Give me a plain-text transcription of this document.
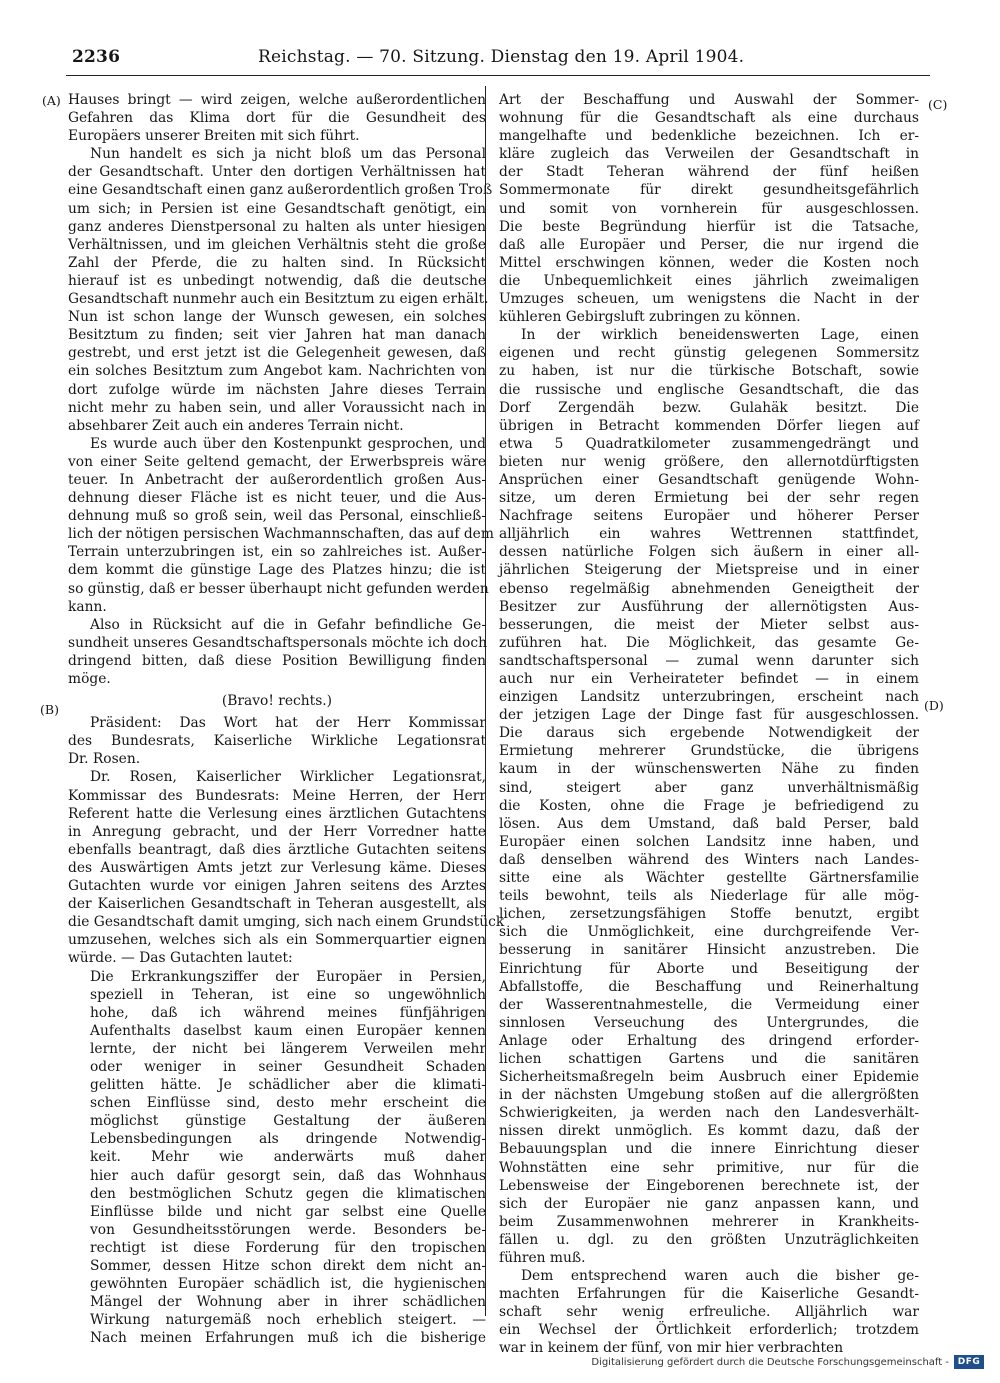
2236	Reichstag. — 70. Sitzung. Dienstag den 19. April 1904.
(A)
(B)
(C)
(D)
Hauses bringt — wird zeigen, welche außerordentlichen
Gefahren das Klima dort für die Gesundheit des
Europäers unserer Breiten mit sich führt.
Nun handelt es sich ja nicht bloß um das Personal
der Gesandtschaft. Unter den dortigen Verhältnissen hat
eine Gesandtschaft einen ganz außerordentlich großen Troß
um sich; in Persien ist eine Gesandtschaft genötigt, ein
ganz anderes Dienstpersonal zu halten als unter hiesigen
Verhältnissen, und im gleichen Verhältnis steht die große
Zahl der Pferde, die zu halten sind. In Rücksicht
hierauf ist es unbedingt notwendig, daß die deutsche
Gesandtschaft nunmehr auch ein Besitztum zu eigen erhält.
Nun ist schon lange der Wunsch gewesen, ein solches
Besitztum zu finden; seit vier Jahren hat man danach
gestrebt, und erst jetzt ist die Gelegenheit gewesen, daß
ein solches Besitztum zum Angebot kam. Nachrichten von
dort zufolge würde im nächsten Jahre dieses Terrain
nicht mehr zu haben sein, und aller Voraussicht nach in
absehbarer Zeit auch ein anderes Terrain nicht.
Es wurde auch über den Kostenpunkt gesprochen, und
von einer Seite geltend gemacht, der Erwerbspreis wäre
teuer. In Anbetracht der außerordentlich großen Aus-
dehnung dieser Fläche ist es nicht teuer, und die Aus-
dehnung muß so groß sein, weil das Personal, einschließ-
lich der nötigen persischen Wachmannschaften, das auf dem
Terrain unterzubringen ist, ein so zahlreiches ist. Außer-
dem kommt die günstige Lage des Platzes hinzu; die ist
so günstig, daß er besser überhaupt nicht gefunden werden
kann.
Also in Rücksicht auf die in Gefahr befindliche Ge-
sundheit unseres Gesandtschaftspersonals möchte ich doch
dringend bitten, daß diese Position Bewilligung finden
möge.
(Bravo! rechts.)
Präsident: Das Wort hat der Herr Kommissar
des Bundesrats, Kaiserliche Wirkliche Legationsrat
Dr. Rosen.
Dr. Rosen, Kaiserlicher Wirklicher Legationsrat,
Kommissar des Bundesrats: Meine Herren, der Herr
Referent hatte die Verlesung eines ärztlichen Gutachtens
in Anregung gebracht, und der Herr Vorredner hatte
ebenfalls beantragt, daß dies ärztliche Gutachten seitens
des Auswärtigen Amts jetzt zur Verlesung käme. Dieses
Gutachten wurde vor einigen Jahren seitens des Arztes
der Kaiserlichen Gesandtschaft in Teheran ausgestellt, als
die Gesandtschaft damit umging, sich nach einem Grundstück
umzusehen, welches sich als ein Sommerquartier eignen
würde. — Das Gutachten lautet:
Die Erkrankungsziffer der Europäer in Persien,
speziell in Teheran, ist eine so ungewöhnlich
hohe, daß ich während meines fünfjährigen
Aufenthalts daselbst kaum einen Europäer kennen
lernte, der nicht bei längerem Verweilen mehr
oder weniger in seiner Gesundheit Schaden
gelitten hätte. Je schädlicher aber die klimati-
schen Einflüsse sind, desto mehr erscheint die
möglichst günstige Gestaltung der äußeren
Lebensbedingungen als dringende Notwendig-
keit. Mehr wie anderwärts muß daher
hier auch dafür gesorgt sein, daß das Wohnhaus
den bestmöglichen Schutz gegen die klimatischen
Einflüsse bilde und nicht gar selbst eine Quelle
von Gesundheitsstörungen werde. Besonders be-
rechtigt ist diese Forderung für den tropischen
Sommer, dessen Hitze schon direkt dem nicht an-
gewöhnten Europäer schädlich ist, die hygienischen
Mängel der Wohnung aber in ihrer schädlichen
Wirkung naturgemäß noch erheblich steigert. —
Nach meinen Erfahrungen muß ich die bisherige
Art der Beschaffung und Auswahl der Sommer-
wohnung für die Gesandtschaft als eine durchaus
mangelhafte und bedenkliche bezeichnen. Ich er-
kläre zugleich das Verweilen der Gesandtschaft in
der Stadt Teheran während der fünf heißen
Sommermonate für direkt gesundheitsgefährlich
und somit von vornherein für ausgeschlossen.
Die beste Begründung hierfür ist die Tatsache,
daß alle Europäer und Perser, die nur irgend die
Mittel erschwingen können, weder die Kosten noch
die Unbequemlichkeit eines jährlich zweimaligen
Umzuges scheuen, um wenigstens die Nacht in der
kühleren Gebirgsluft zubringen zu können.
In der wirklich beneidenswerten Lage, einen
eigenen und recht günstig gelegenen Sommersitz
zu haben, ist nur die türkische Botschaft, sowie
die russische und englische Gesandtschaft, die das
Dorf Zergendäh bezw. Gulahäk besitzt. Die
übrigen in Betracht kommenden Dörfer liegen auf
etwa 5 Quadratkilometer zusammengedrängt und
bieten nur wenig größere, den allernotdürftigsten
Ansprüchen einer Gesandtschaft genügende Wohn-
sitze, um deren Ermietung bei der sehr regen
Nachfrage seitens Europäer und höherer Perser
alljährlich ein wahres Wettrennen stattfindet,
dessen natürliche Folgen sich äußern in einer all-
jährlichen Steigerung der Mietspreise und in einer
ebenso regelmäßig abnehmenden Geneigtheit der
Besitzer zur Ausführung der allernötigsten Aus-
besserungen, die meist der Mieter selbst aus-
zuführen hat. Die Möglichkeit, das gesamte Ge-
sandtschaftspersonal — zumal wenn darunter sich
auch nur ein Verheirateter befindet — in einem
einzigen Landsitz unterzubringen, erscheint nach
der jetzigen Lage der Dinge fast für ausgeschlossen.
Die daraus sich ergebende Notwendigkeit der
Ermietung mehrerer Grundstücke, die übrigens
kaum in der wünschenswerten Nähe zu finden
sind, steigert aber ganz unverhältnismäßig
die Kosten, ohne die Frage je befriedigend zu
lösen. Aus dem Umstand, daß bald Perser, bald
Europäer einen solchen Landsitz inne haben, und
daß denselben während des Winters nach Landes-
sitte eine als Wächter gestellte Gärtnersfamilie
teils bewohnt, teils als Niederlage für alle mög-
lichen, zersetzungsfähigen Stoffe benutzt, ergibt
sich die Unmöglichkeit, eine durchgreifende Ver-
besserung in sanitärer Hinsicht anzustreben. Die
Einrichtung für Aborte und Beseitigung der
Abfallstoffe, die Beschaffung und Reinerhaltung
der Wasserentnahmestelle, die Vermeidung einer
sinnlosen Verseuchung des Untergrundes, die
Anlage oder Erhaltung des dringend erforder-
lichen schattigen Gartens und die sanitären
Sicherheitsmaßregeln beim Ausbruch einer Epidemie
in der nächsten Umgebung stoßen auf die allergrößten
Schwierigkeiten, ja werden nach den Landesverhält-
nissen direkt unmöglich. Es kommt dazu, daß der
Bebauungsplan und die innere Einrichtung dieser
Wohnstätten eine sehr primitive, nur für die
Lebensweise der Eingeborenen berechnete ist, der
sich der Europäer nie ganz anpassen kann, und
beim Zusammenwohnen mehrerer in Krankheits-
fällen u. dgl. zu den größten Unzuträglichkeiten
führen muß.
Dem entsprechend waren auch die bisher ge-
machten Erfahrungen für die Kaiserliche Gesandt-
schaft sehr wenig erfreuliche. Alljährlich war
ein Wechsel der Örtlichkeit erforderlich; trotzdem
war in keinem der fünf, von mir hier verbrachten
Digitalisierung gefördert durch die Deutsche Forschungsgemeinschaft - DFG
